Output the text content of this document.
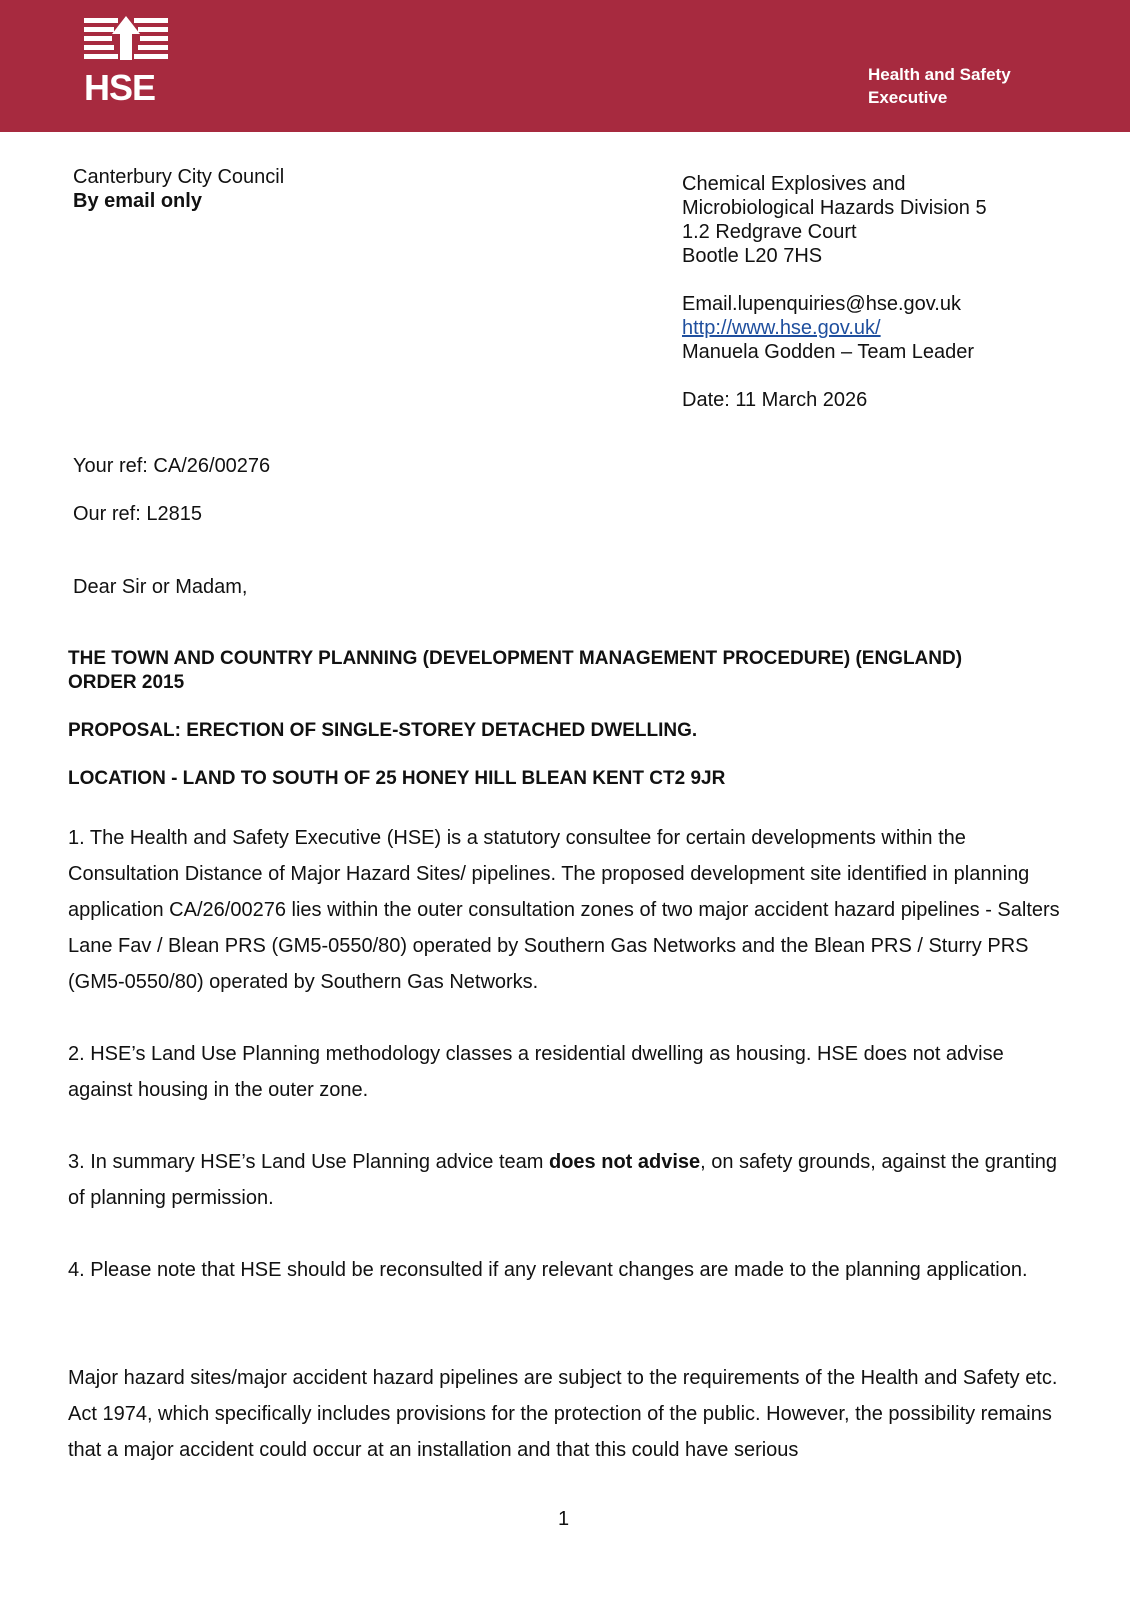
HSE	Health and Safety
Executive
Canterbury City Council
By email only
Chemical Explosives and
Microbiological Hazards Division 5
1.2 Redgrave Court
Bootle L20 7HS
Email.lupenquiries@hse.gov.uk
http://www.hse.gov.uk/
Manuela Godden – Team Leader
Date: 11 March 2026
Your ref: CA/26/00276
Our ref: L2815
Dear Sir or Madam,
THE TOWN AND COUNTRY PLANNING (DEVELOPMENT MANAGEMENT PROCEDURE) (ENGLAND)
ORDER 2015
PROPOSAL: ERECTION OF SINGLE-STOREY DETACHED DWELLING.
LOCATION - LAND TO SOUTH OF 25 HONEY HILL BLEAN KENT CT2 9JR

1. The Health and Safety Executive (HSE) is a statutory consultee for certain developments within the Consultation Distance of Major Hazard Sites/ pipelines. The proposed development site identified in planning application CA/26/00276 lies within the outer consultation zones of two major accident hazard pipelines - Salters Lane Fav / Blean PRS (GM5-0550/80) operated by Southern Gas Networks and the Blean PRS / Sturry PRS (GM5-0550/80) operated by Southern Gas Networks.

2. HSE’s Land Use Planning methodology classes a residential dwelling as housing. HSE does not advise against housing in the outer zone.

3. In summary HSE’s Land Use Planning advice team does not advise, on safety grounds, against the granting of planning permission.

4. Please note that HSE should be reconsulted if any relevant changes are made to the planning application.

Major hazard sites/major accident hazard pipelines are subject to the requirements of the Health and Safety etc. Act 1974, which specifically includes provisions for the protection of the public. However, the possibility remains that a major accident could occur at an installation and that this could have serious

1
